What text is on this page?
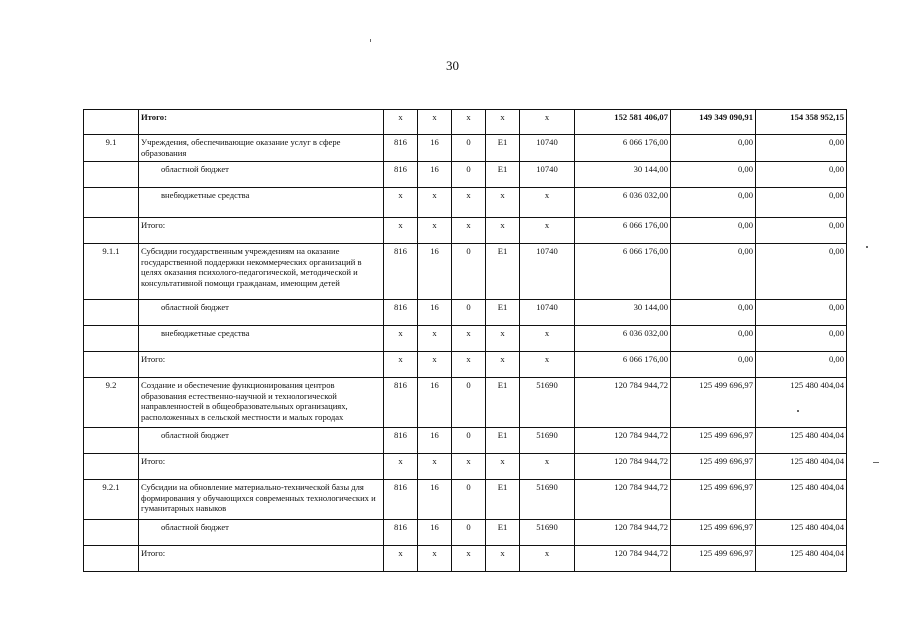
30
	Итого:	х	х	х	х	х	152 581 406,07	149 349 090,91	154 358 952,15
9.1	Учреждения, обеспечивающие оказание услуг в сфере образования	816	16	0	Е1	10740	6 066 176,00	0,00	0,00
	областной бюджет	816	16	0	Е1	10740	30 144,00	0,00	0,00
	внебюджетные средства	х	х	х	х	х	6 036 032,00	0,00	0,00
	Итого:	х	х	х	х	х	6 066 176,00	0,00	0,00
9.1.1	Субсидии государственным учреждениям на оказание государственной поддержки некоммерческих организаций в целях оказания психолого-педагогической, методической и консультативной помощи гражданам, имеющим детей	816	16	0	Е1	10740	6 066 176,00	0,00	0,00
	областной бюджет	816	16	0	Е1	10740	30 144,00	0,00	0,00
	внебюджетные средства	х	х	х	х	х	6 036 032,00	0,00	0,00
	Итого:	х	х	х	х	х	6 066 176,00	0,00	0,00
9.2	Создание и обеспечение функционирования центров образования естественно-научной и технологической направленностей в общеобразовательных организациях, расположенных в сельской местности и малых городах	816	16	0	Е1	51690	120 784 944,72	125 499 696,97	125 480 404,04
	областной бюджет	816	16	0	Е1	51690	120 784 944,72	125 499 696,97	125 480 404,04
	Итого:	х	х	х	х	х	120 784 944,72	125 499 696,97	125 480 404,04
9.2.1	Субсидии на обновление материально-технической базы для формирования у обучающихся современных технологических и гуманитарных навыков	816	16	0	Е1	51690	120 784 944,72	125 499 696,97	125 480 404,04
	областной бюджет	816	16	0	Е1	51690	120 784 944,72	125 499 696,97	125 480 404,04
	Итого:	х	х	х	х	х	120 784 944,72	125 499 696,97	125 480 404,04
